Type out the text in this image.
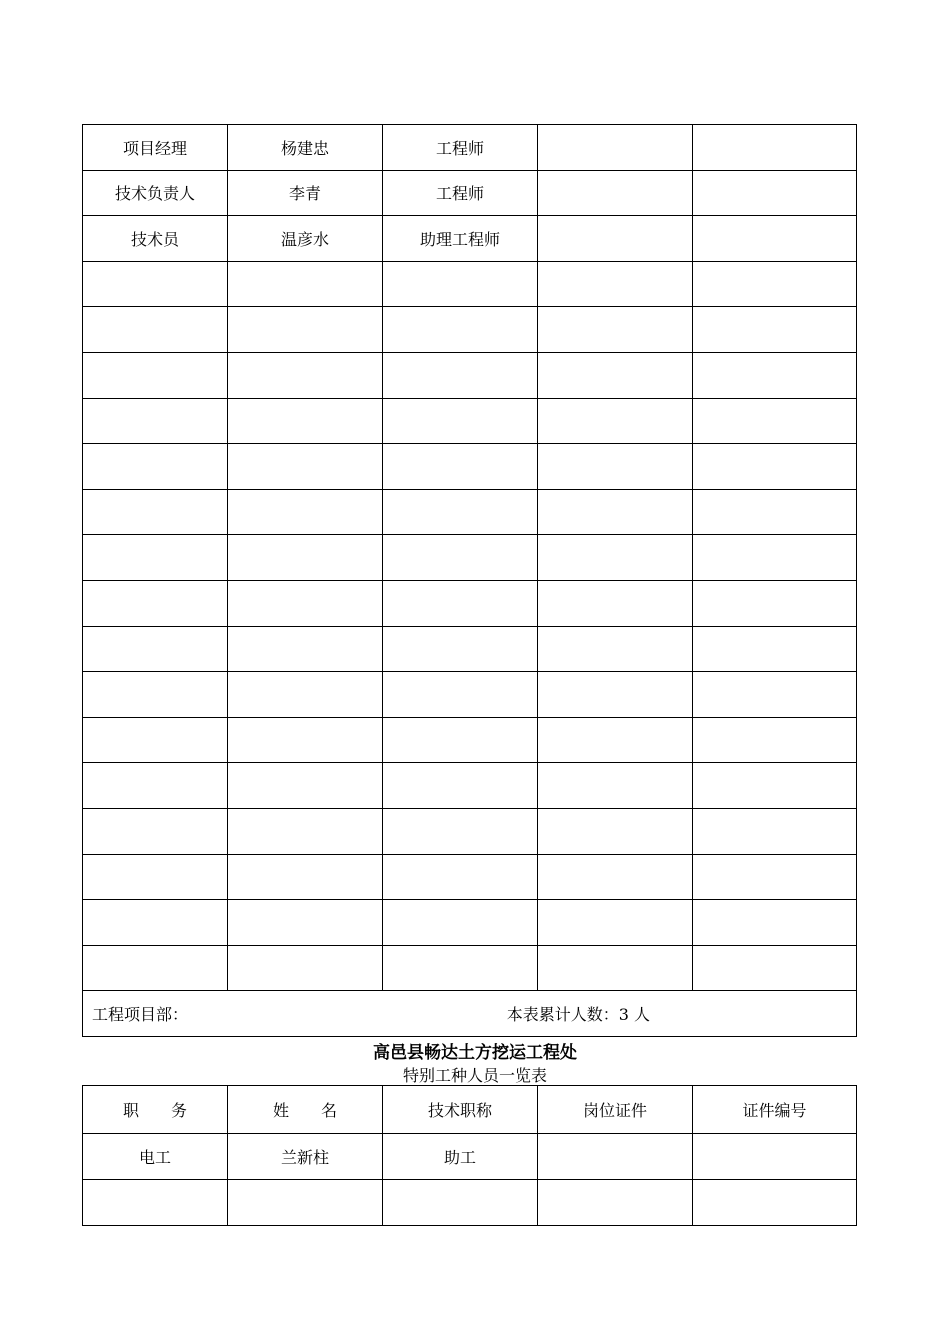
项目经理	杨建忠	工程师		
技术负责人	李青	工程师		
技术员	温彦水	助理工程师		

工程项目部： 本表累计人数：3 人				
高邑县畅达土方挖运工程处
特别工种人员一览表
职　　务	姓　　名	技术职称	岗位证件	证件编号
电工	兰新柱	助工		
